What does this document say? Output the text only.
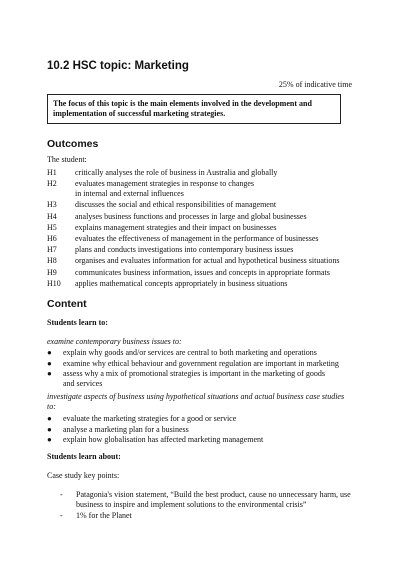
10.2 HSC topic: Marketing
25% of indicative time
The focus of this topic is the main elements involved in the development and
implementation of successful marketing strategies.
Outcomes
The student:
H1	critically analyses the role of business in Australia and globally
H2	evaluates management strategies in response to changes in internal and external influences
H3	discusses the social and ethical responsibilities of management
H4	analyses business functions and processes in large and global businesses
H5	explains management strategies and their impact on businesses
H6	evaluates the effectiveness of management in the performance of businesses
H7	plans and conducts investigations into contemporary business issues
H8	organises and evaluates information for actual and hypothetical business situations
H9	communicates business information, issues and concepts in appropriate formats
H10	applies mathematical concepts appropriately in business situations
Content
Students learn to:
examine contemporary business issues to:
●	explain why goods and/or services are central to both marketing and operations
●	examine why ethical behaviour and government regulation are important in marketing
●	assess why a mix of promotional strategies is important in the marketing of goods and services
investigate aspects of business using hypothetical situations and actual business case studies to:
●	evaluate the marketing strategies for a good or service
●	analyse a marketing plan for a business
●	explain how globalisation has affected marketing management
Students learn about:
Case study key points:
-	Patagonia's vision statement, “Build the best product, cause no unnecessary harm, use business to inspire and implement solutions to the environmental crisis”
-	1% for the Planet
